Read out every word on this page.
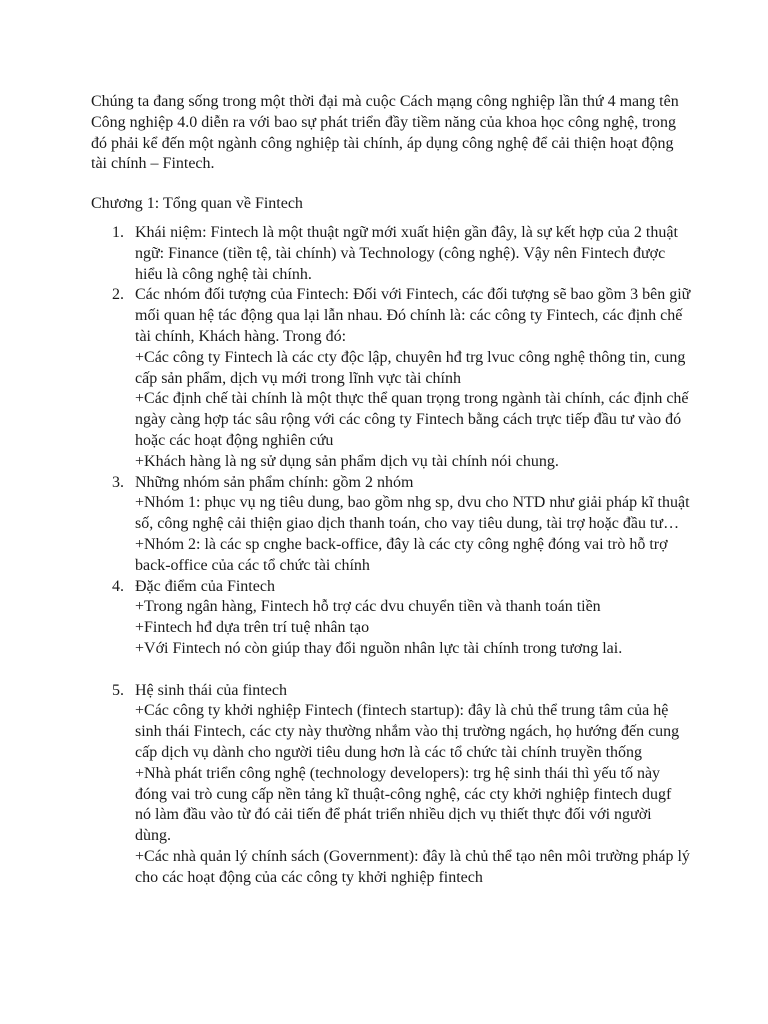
Chúng ta đang sống trong một thời đại mà cuộc Cách mạng công nghiệp lần thứ 4 mang tên Công nghiệp 4.0 diễn ra với bao sự phát triển đầy tiềm năng của khoa học công nghệ, trong đó phải kể đến một ngành công nghiệp tài chính, áp dụng công nghệ để cải thiện hoạt động tài chính – Fintech.

Chương 1: Tổng quan về Fintech

1. Khái niệm: Fintech là một thuật ngữ mới xuất hiện gần đây, là sự kết hợp của 2 thuật ngữ: Finance (tiền tệ, tài chính) và Technology (công nghệ). Vậy nên Fintech được hiểu là công nghệ tài chính.
2. Các nhóm đối tượng của Fintech: Đối với Fintech, các đối tượng sẽ bao gồm 3 bên giữ mối quan hệ tác động qua lại lẫn nhau. Đó chính là: các công ty Fintech, các định chế tài chính, Khách hàng. Trong đó:
+Các công ty Fintech là các cty độc lập, chuyên hđ trg lvuc công nghệ thông tin, cung cấp sản phẩm, dịch vụ mới trong lĩnh vực tài chính
+Các định chế tài chính là một thực thể quan trọng trong ngành tài chính, các định chế ngày càng hợp tác sâu rộng với các công ty Fintech bằng cách trực tiếp đầu tư vào đó hoặc các hoạt động nghiên cứu
+Khách hàng là ng sử dụng sản phẩm dịch vụ tài chính nói chung.
3. Những nhóm sản phẩm chính: gồm 2 nhóm
+Nhóm 1: phục vụ ng tiêu dung, bao gồm nhg sp, dvu cho NTD như giải pháp kĩ thuật số, công nghệ cải thiện giao dịch thanh toán, cho vay tiêu dung, tài trợ hoặc đầu tư…
+Nhóm 2: là các sp cnghe back-office, đây là các cty công nghệ đóng vai trò hỗ trợ back-office của các tổ chức tài chính
4. Đặc điểm của Fintech
+Trong ngân hàng, Fintech hỗ trợ các dvu chuyển tiền và thanh toán tiền
+Fintech hđ dựa trên trí tuệ nhân tạo
+Với Fintech nó còn giúp thay đổi nguồn nhân lực tài chính trong tương lai.
5. Hệ sinh thái của fintech
+Các công ty khởi nghiệp Fintech (fintech startup): đây là chủ thể trung tâm của hệ sinh thái Fintech, các cty này thường nhắm vào thị trường ngách, họ hướng đến cung cấp dịch vụ dành cho người tiêu dung hơn là các tổ chức tài chính truyền thống
+Nhà phát triển công nghệ (technology developers): trg hệ sinh thái thì yếu tố này đóng vai trò cung cấp nền tảng kĩ thuật-công nghệ, các cty khởi nghiệp fintech dugf nó làm đầu vào từ đó cải tiến để phát triển nhiều dịch vụ thiết thực đối với người dùng.
+Các nhà quản lý chính sách (Government): đây là chủ thể tạo nên môi trường pháp lý cho các hoạt động của các công ty khởi nghiệp fintech
